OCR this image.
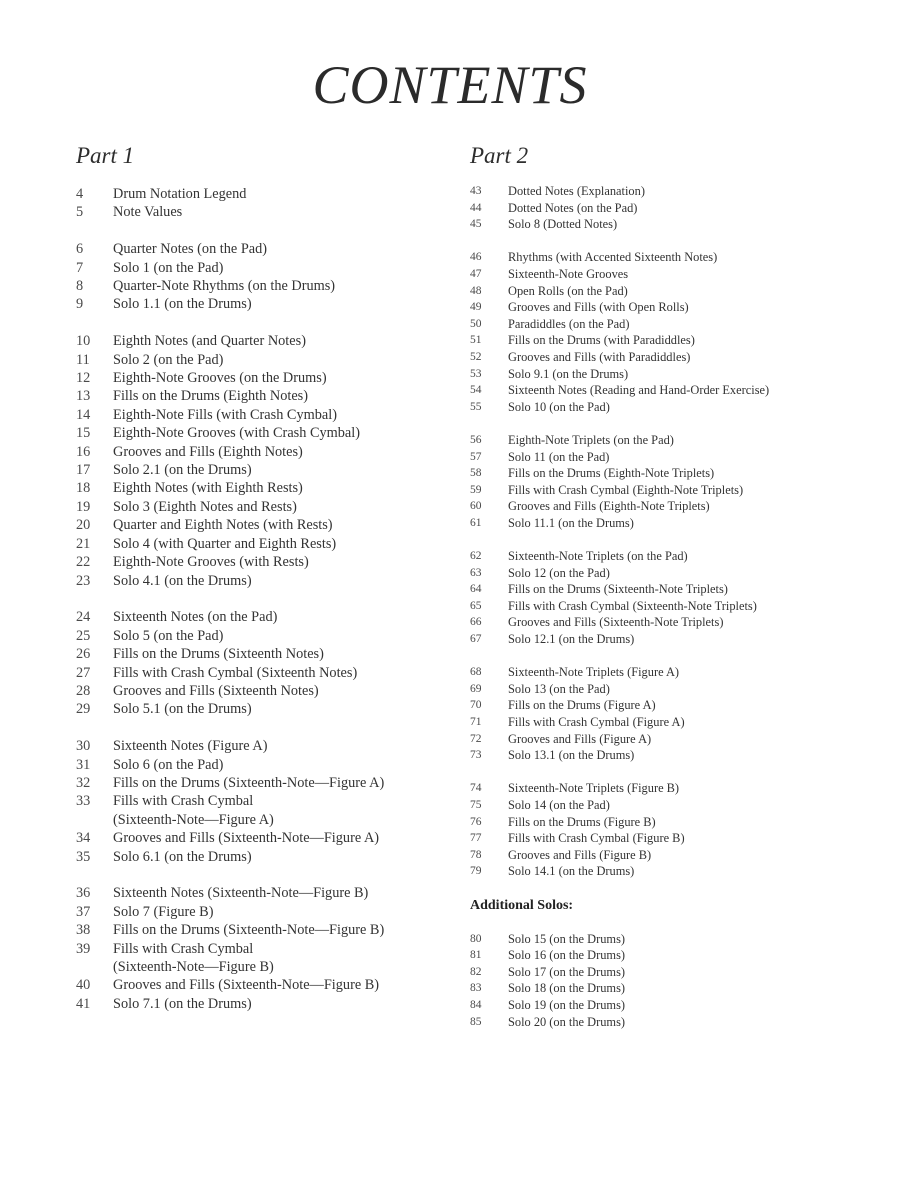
CONTENTS
Part 1
4	Drum Notation Legend
5	Note Values
6	Quarter Notes (on the Pad)
7	Solo 1 (on the Pad)
8	Quarter-Note Rhythms (on the Drums)
9	Solo 1.1 (on the Drums)
10	Eighth Notes (and Quarter Notes)
11	Solo 2 (on the Pad)
12	Eighth-Note Grooves (on the Drums)
13	Fills on the Drums (Eighth Notes)
14	Eighth-Note Fills (with Crash Cymbal)
15	Eighth-Note Grooves (with Crash Cymbal)
16	Grooves and Fills (Eighth Notes)
17	Solo 2.1 (on the Drums)
18	Eighth Notes (with Eighth Rests)
19	Solo 3 (Eighth Notes and Rests)
20	Quarter and Eighth Notes (with Rests)
21	Solo 4 (with Quarter and Eighth Rests)
22	Eighth-Note Grooves (with Rests)
23	Solo 4.1 (on the Drums)
24	Sixteenth Notes (on the Pad)
25	Solo 5 (on the Pad)
26	Fills on the Drums (Sixteenth Notes)
27	Fills with Crash Cymbal (Sixteenth Notes)
28	Grooves and Fills (Sixteenth Notes)
29	Solo 5.1 (on the Drums)
30	Sixteenth Notes (Figure A)
31	Solo 6 (on the Pad)
32	Fills on the Drums (Sixteenth-Note—Figure A)
33	Fills with Crash Cymbal
(Sixteenth-Note—Figure A)
34	Grooves and Fills (Sixteenth-Note—Figure A)
35	Solo 6.1 (on the Drums)
36	Sixteenth Notes (Sixteenth-Note—Figure B)
37	Solo 7 (Figure B)
38	Fills on the Drums (Sixteenth-Note—Figure B)
39	Fills with Crash Cymbal
(Sixteenth-Note—Figure B)
40	Grooves and Fills (Sixteenth-Note—Figure B)
41	Solo 7.1 (on the Drums)
Part 2
43	Dotted Notes (Explanation)
44	Dotted Notes (on the Pad)
45	Solo 8 (Dotted Notes)
46	Rhythms (with Accented Sixteenth Notes)
47	Sixteenth-Note Grooves
48	Open Rolls (on the Pad)
49	Grooves and Fills (with Open Rolls)
50	Paradiddles (on the Pad)
51	Fills on the Drums (with Paradiddles)
52	Grooves and Fills (with Paradiddles)
53	Solo 9.1 (on the Drums)
54	Sixteenth Notes (Reading and Hand-Order Exercise)
55	Solo 10 (on the Pad)
56	Eighth-Note Triplets (on the Pad)
57	Solo 11 (on the Pad)
58	Fills on the Drums (Eighth-Note Triplets)
59	Fills with Crash Cymbal (Eighth-Note Triplets)
60	Grooves and Fills (Eighth-Note Triplets)
61	Solo 11.1 (on the Drums)
62	Sixteenth-Note Triplets (on the Pad)
63	Solo 12 (on the Pad)
64	Fills on the Drums (Sixteenth-Note Triplets)
65	Fills with Crash Cymbal (Sixteenth-Note Triplets)
66	Grooves and Fills (Sixteenth-Note Triplets)
67	Solo 12.1 (on the Drums)
68	Sixteenth-Note Triplets (Figure A)
69	Solo 13 (on the Pad)
70	Fills on the Drums (Figure A)
71	Fills with Crash Cymbal (Figure A)
72	Grooves and Fills (Figure A)
73	Solo 13.1 (on the Drums)
74	Sixteenth-Note Triplets (Figure B)
75	Solo 14 (on the Pad)
76	Fills on the Drums (Figure B)
77	Fills with Crash Cymbal (Figure B)
78	Grooves and Fills (Figure B)
79	Solo 14.1 (on the Drums)
Additional Solos:
80	Solo 15 (on the Drums)
81	Solo 16 (on the Drums)
82	Solo 17 (on the Drums)
83	Solo 18 (on the Drums)
84	Solo 19 (on the Drums)
85	Solo 20 (on the Drums)
